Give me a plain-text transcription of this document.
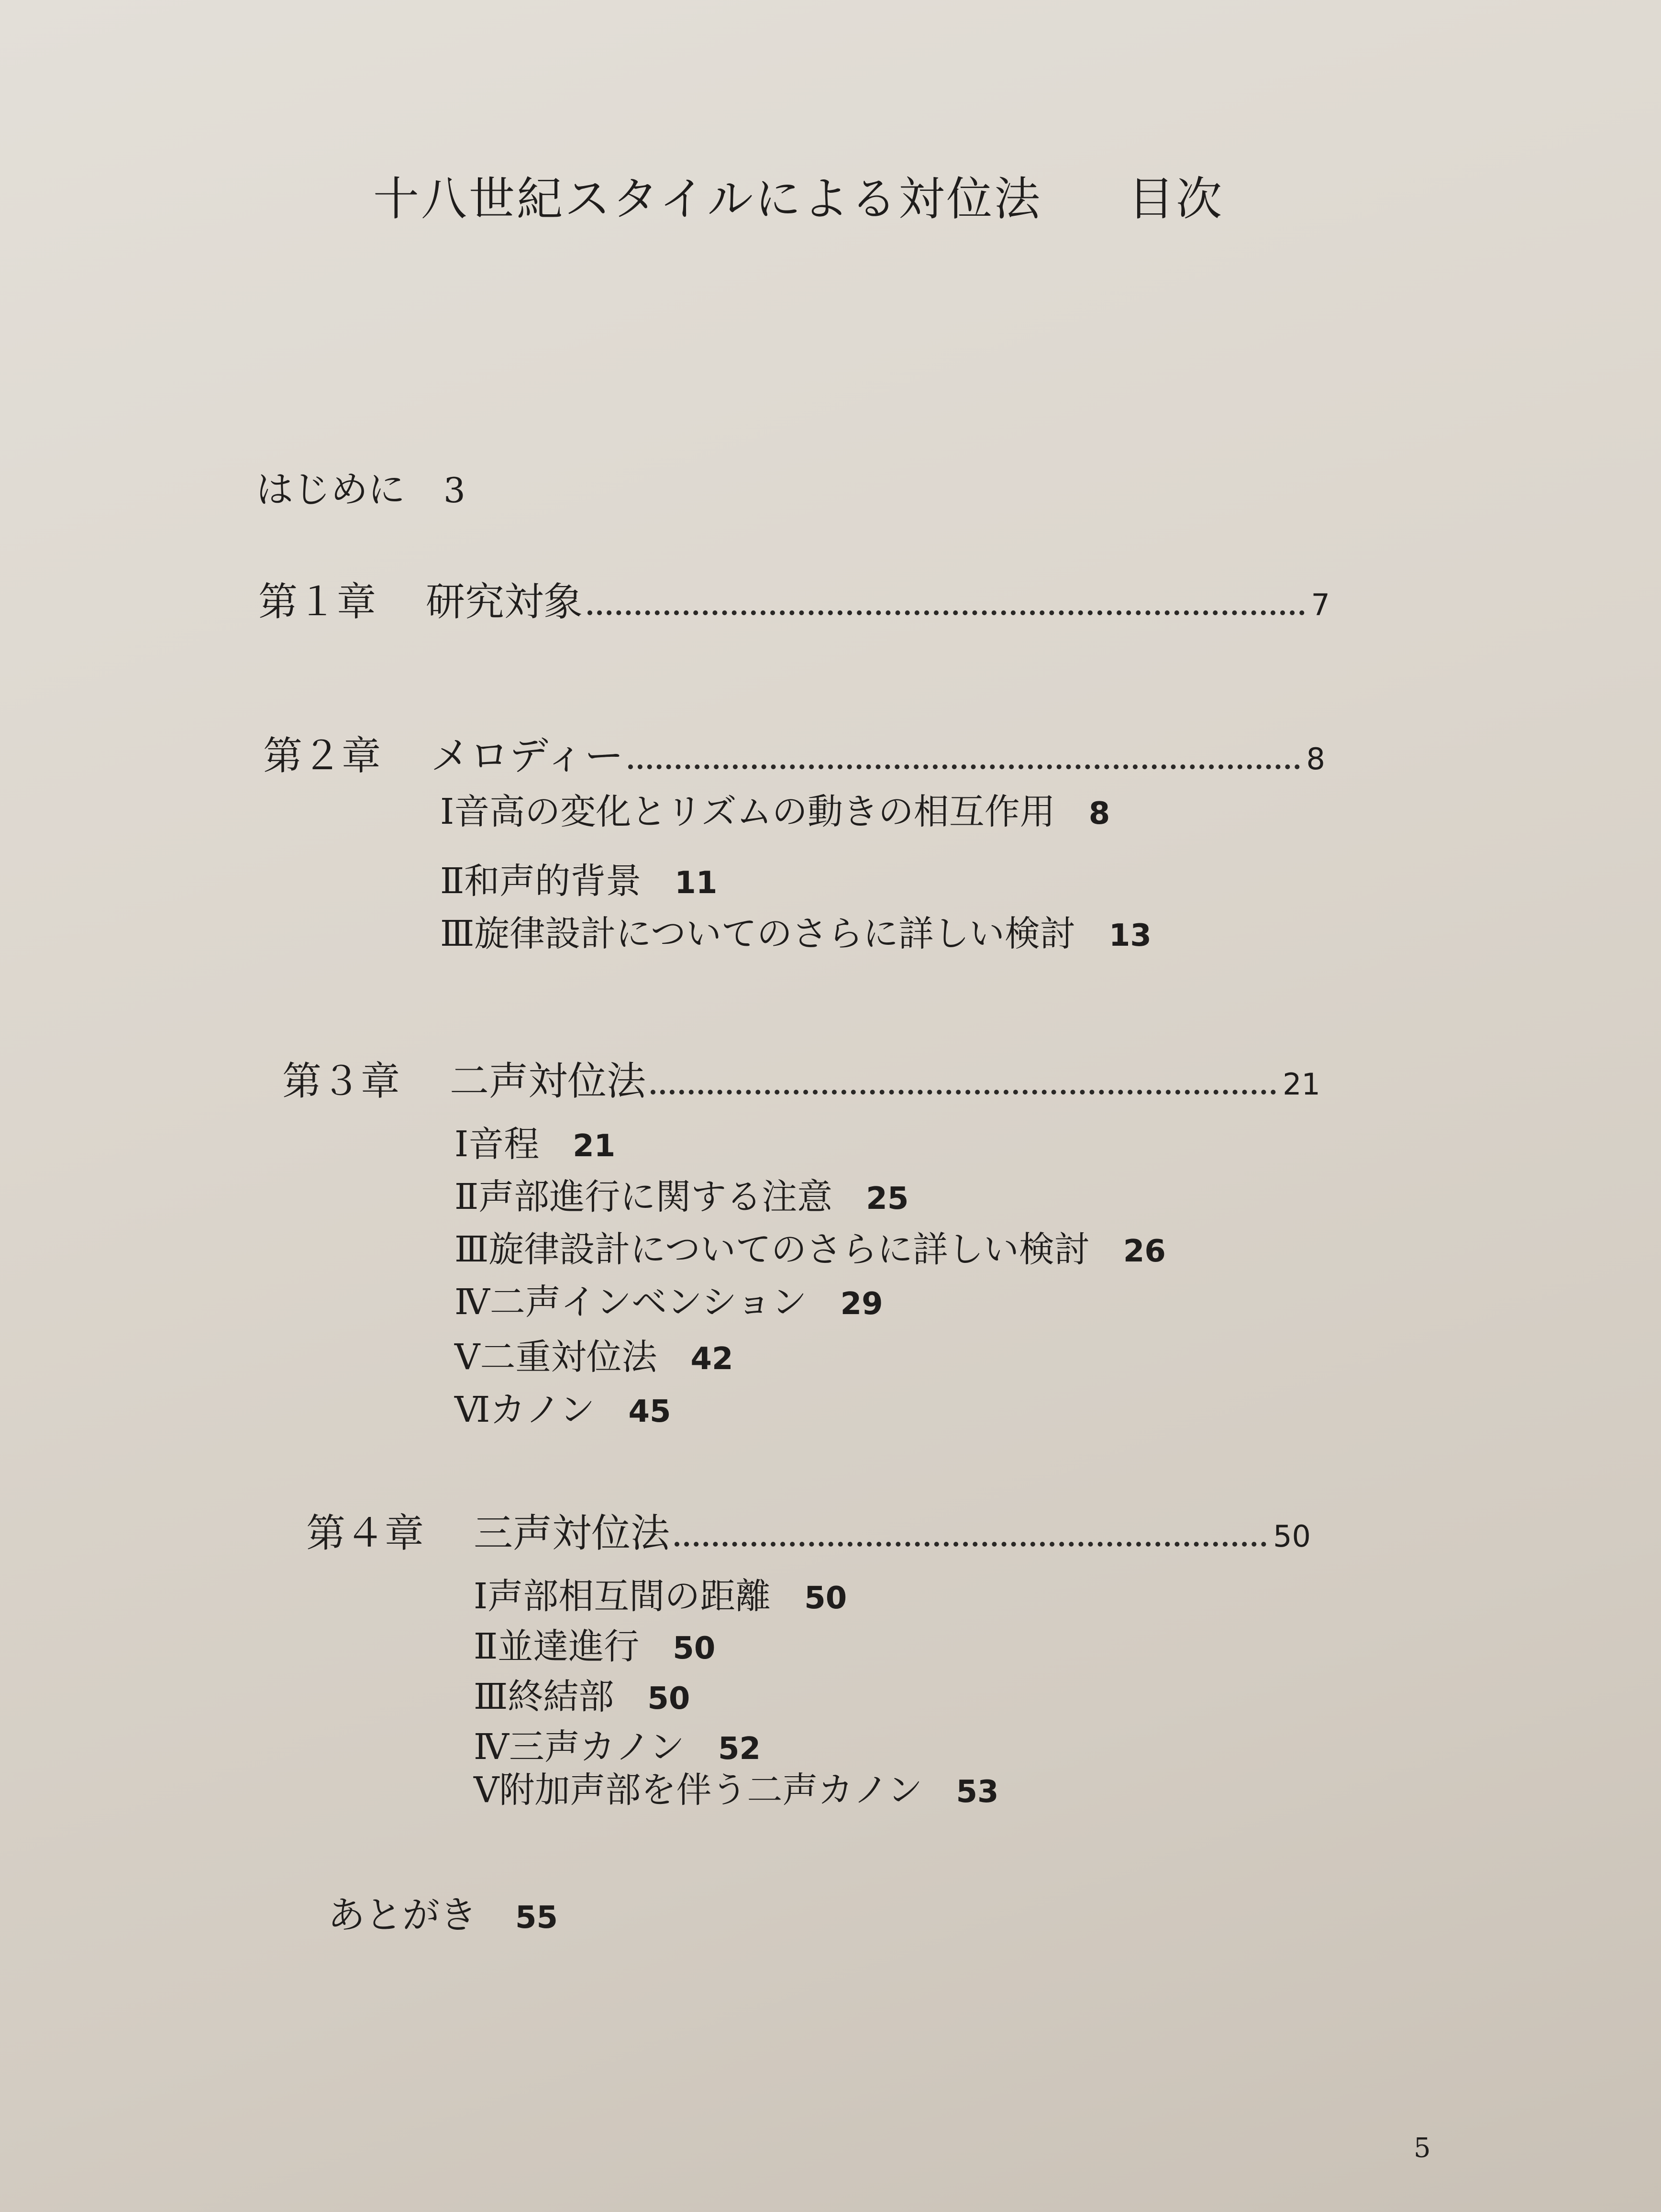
十八世紀スタイルによる対位法 目次
はじめに 3
第１章	研究対象	7
第２章	メロディー	8
Ⅰ音高の変化とリズムの動きの相互作用 8
Ⅱ和声的背景 11
Ⅲ旋律設計についてのさらに詳しい検討 13
第３章	二声対位法	21
Ⅰ音程 21
Ⅱ声部進行に関する注意 25
Ⅲ旋律設計についてのさらに詳しい検討 26
Ⅳ二声インベンション 29
Ⅴ二重対位法 42
Ⅵカノン 45
第４章	三声対位法	50
Ⅰ声部相互間の距離 50
Ⅱ並達進行 50
Ⅲ終結部 50
Ⅳ三声カノン 52
Ⅴ附加声部を伴う二声カノン 53
あとがき 55
5
